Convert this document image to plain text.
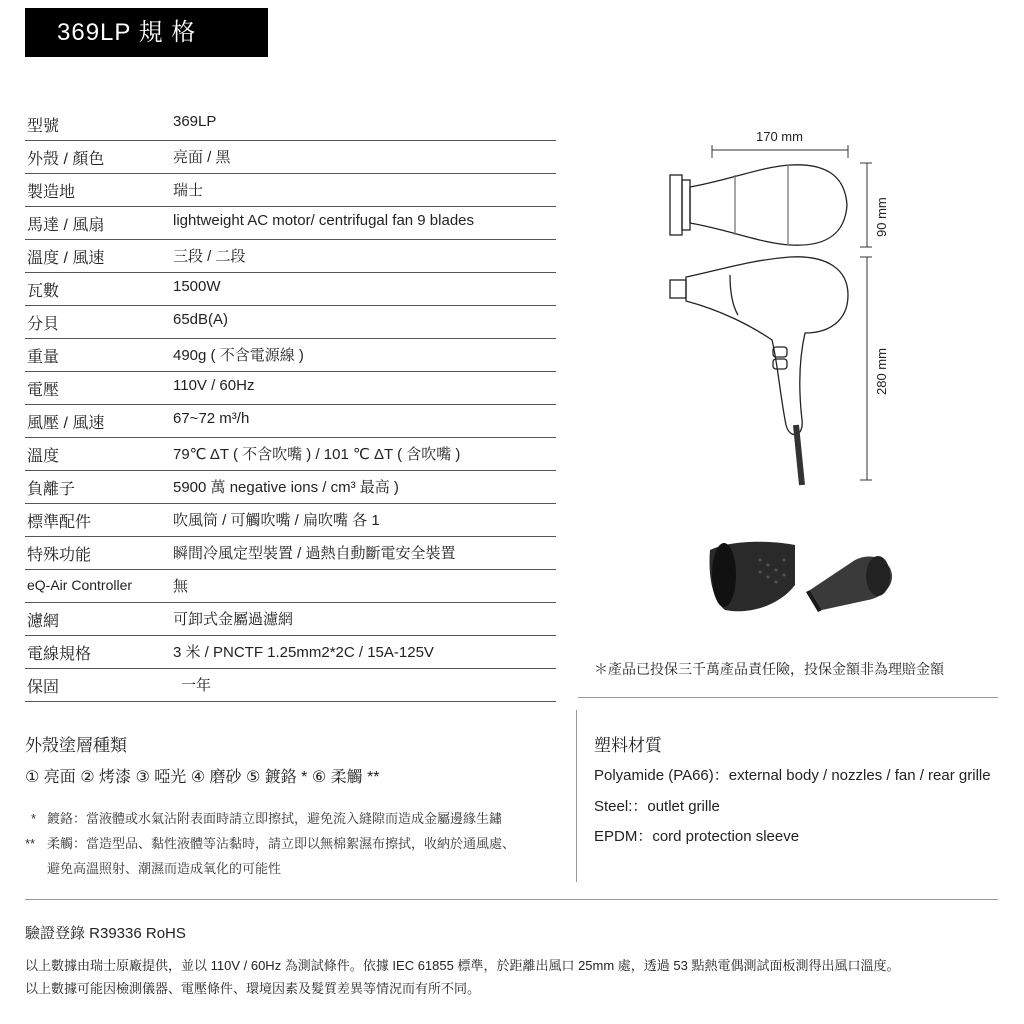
369LP 規 格
型號	369LP
外殼 / 顏色	亮面 / 黑
製造地	瑞士
馬達 / 風扇	lightweight AC motor/ centrifugal fan 9 blades
溫度 / 風速	三段 / 二段
瓦數	1500W
分貝	65dB(A)
重量	490g ( 不含電源線 )
電壓	110V / 60Hz
風壓 / 風速	67~72 m³/h
溫度	79℃ ΔT ( 不含吹嘴 ) / 101 ℃ ΔT ( 含吹嘴 )
負離子	5900 萬 negative ions / cm³ 最高 )
標準配件	吹風筒 / 可觸吹嘴 / 扁吹嘴 各 1
特殊功能	瞬間冷風定型裝置 / 過熱自動斷電安全裝置
eQ-Air Controller	無
濾網	可卸式金屬過濾網
電線規格	3 米 / PNCTF 1.25mm2*2C / 15A-125V
保固	一年
170 mm
90 mm
280 mm
＊產品已投保三千萬產品責任險，投保金額非為理賠金額
外殼塗層種類
① 亮面 ② 烤漆 ③ 啞光 ④ 磨砂 ⑤ 鍍鉻 * ⑥ 柔觸 **
* 鍍鉻：當液體或水氣沾附表面時請立即擦拭，避免流入縫隙而造成金屬邊緣生鏽
** 柔觸：當造型品、黏性液體等沾黏時，請立即以無棉絮濕布擦拭，收納於通風處、
避免高溫照射、潮濕而造成氧化的可能性
塑料材質
Polyamide (PA66)：external body / nozzles / fan / rear grille
Steel:：outlet grille
EPDM：cord protection sleeve
驗證登錄 R39336 RoHS
以上數據由瑞士原廠提供，並以 110V / 60Hz 為測試條件。依據 IEC 61855 標準，於距離出風口 25mm 處，透過 53 點熱電偶測試面板測得出風口溫度。
以上數據可能因檢測儀器、電壓條件、環境因素及髮質差異等情況而有所不同。
